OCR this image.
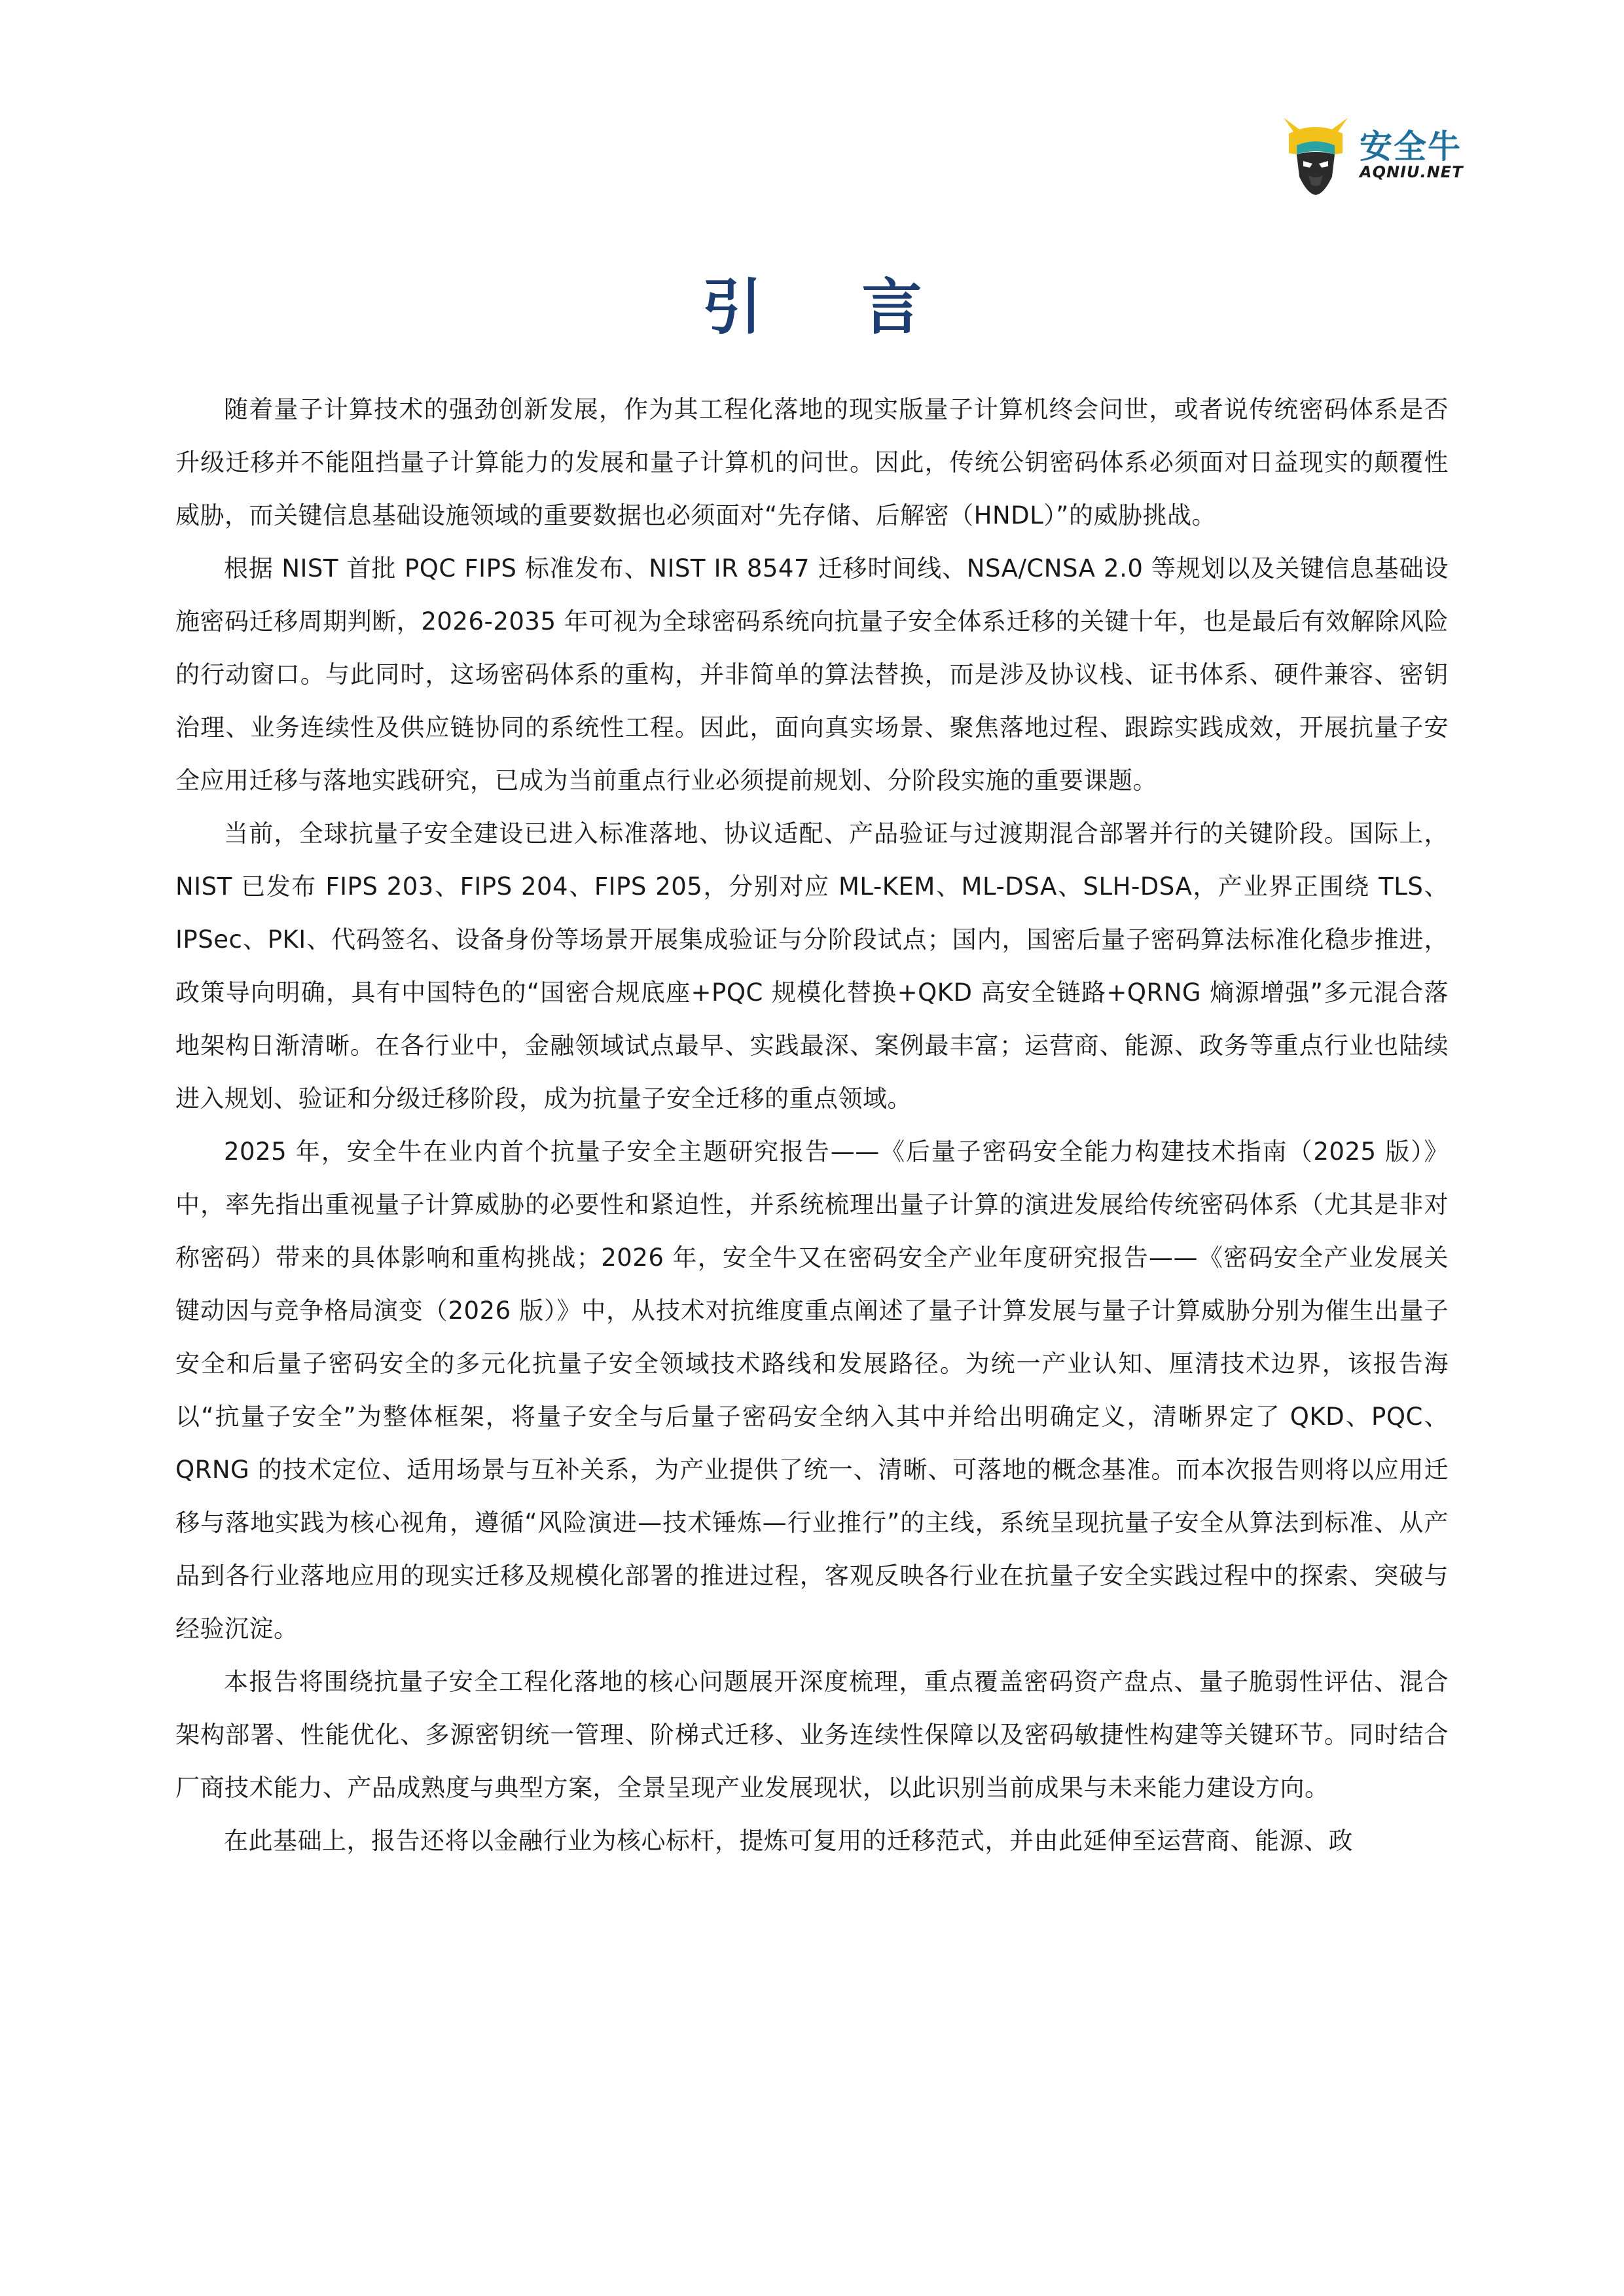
安全牛
AQNIU.NET
引 言

随着量子计算技术的强劲创新发展，作为其工程化落地的现实版量子计算机终会问世，或者说传统密码体系是否升级迁移并不能阻挡量子计算能力的发展和量子计算机的问世。因此，传统公钥密码体系必须面对日益现实的颠覆性威胁，而关键信息基础设施领域的重要数据也必须面对“先存储、后解密（HNDL）”的威胁挑战。

根据 NIST 首批 PQC FIPS 标准发布、NIST IR 8547 迁移时间线、NSA/CNSA 2.0 等规划以及关键信息基础设施密码迁移周期判断，2026-2035 年可视为全球密码系统向抗量子安全体系迁移的关键十年，也是最后有效解除风险的行动窗口。与此同时，这场密码体系的重构，并非简单的算法替换，而是涉及协议栈、证书体系、硬件兼容、密钥治理、业务连续性及供应链协同的系统性工程。因此，面向真实场景、聚焦落地过程、跟踪实践成效，开展抗量子安全应用迁移与落地实践研究，已成为当前重点行业必须提前规划、分阶段实施的重要课题。

当前，全球抗量子安全建设已进入标准落地、协议适配、产品验证与过渡期混合部署并行的关键阶段。国际上，NIST 已发布 FIPS 203、FIPS 204、FIPS 205，分别对应 ML-KEM、ML-DSA、SLH-DSA，产业界正围绕 TLS、IPSec、PKI、代码签名、设备身份等场景开展集成验证与分阶段试点；国内，国密后量子密码算法标准化稳步推进，政策导向明确，具有中国特色的“国密合规底座+PQC 规模化替换+QKD 高安全链路+QRNG 熵源增强”多元混合落地架构日渐清晰。在各行业中，金融领域试点最早、实践最深、案例最丰富；运营商、能源、政务等重点行业也陆续进入规划、验证和分级迁移阶段，成为抗量子安全迁移的重点领域。

2025 年，安全牛在业内首个抗量子安全主题研究报告——《后量子密码安全能力构建技术指南（2025 版）》中，率先指出重视量子计算威胁的必要性和紧迫性，并系统梳理出量子计算的演进发展给传统密码体系（尤其是非对称密码）带来的具体影响和重构挑战；2026 年，安全牛又在密码安全产业年度研究报告——《密码安全产业发展关键动因与竞争格局演变（2026 版）》中，从技术对抗维度重点阐述了量子计算发展与量子计算威胁分别为催生出量子安全和后量子密码安全的多元化抗量子安全领域技术路线和发展路径。为统一产业认知、厘清技术边界，该报告海以“抗量子安全”为整体框架，将量子安全与后量子密码安全纳入其中并给出明确定义，清晰界定了 QKD、PQC、QRNG 的技术定位、适用场景与互补关系，为产业提供了统一、清晰、可落地的概念基准。而本次报告则将以应用迁移与落地实践为核心视角，遵循“风险演进—技术锤炼—行业推行”的主线，系统呈现抗量子安全从算法到标准、从产品到各行业落地应用的现实迁移及规模化部署的推进过程，客观反映各行业在抗量子安全实践过程中的探索、突破与经验沉淀。

本报告将围绕抗量子安全工程化落地的核心问题展开深度梳理，重点覆盖密码资产盘点、量子脆弱性评估、混合架构部署、性能优化、多源密钥统一管理、阶梯式迁移、业务连续性保障以及密码敏捷性构建等关键环节。同时结合厂商技术能力、产品成熟度与典型方案，全景呈现产业发展现状，以此识别当前成果与未来能力建设方向。

在此基础上，报告还将以金融行业为核心标杆，提炼可复用的迁移范式，并由此延伸至运营商、能源、政
